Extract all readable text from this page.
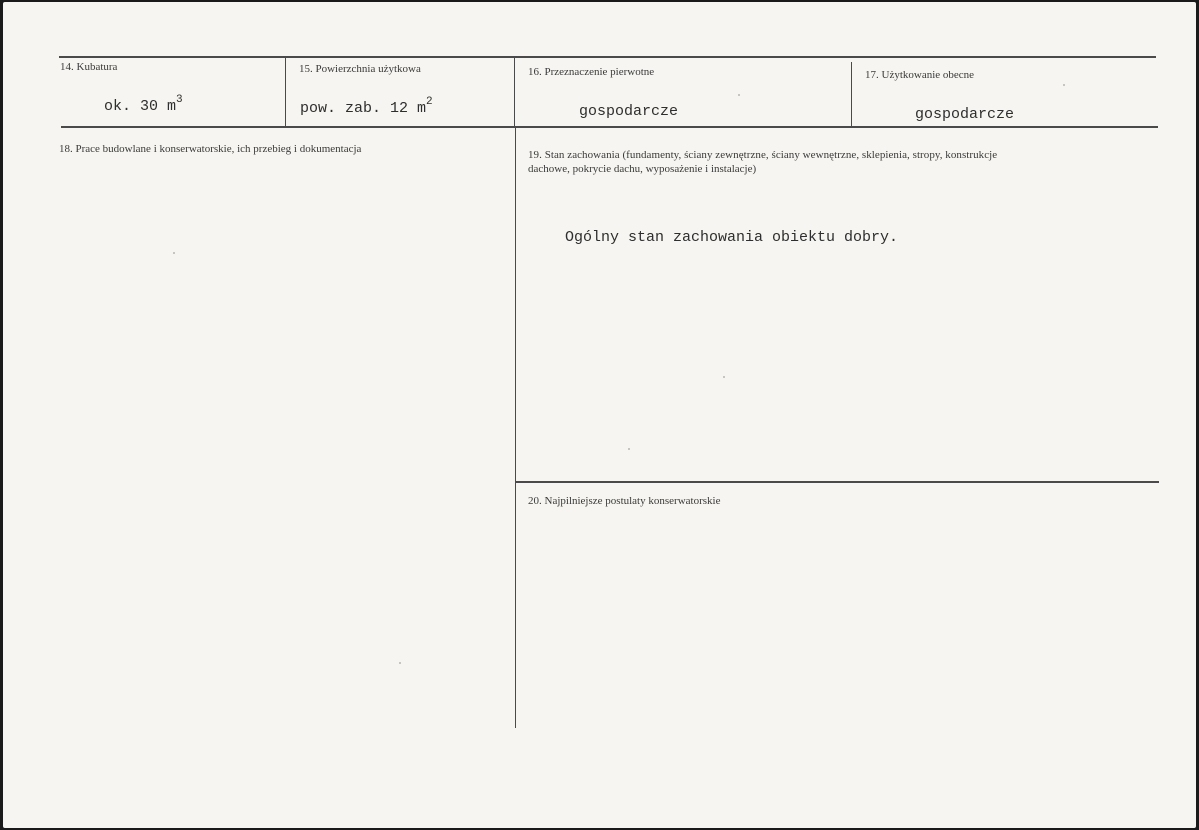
14. Kubatura
ok. 30 $m^3$
15. Powierzchnia użytkowa
pow. zab. 12 $m^2$
16. Przeznaczenie pierwotne
gospodarcze
17. Użytkowanie obecne
gospodarcze
18. Prace budowlane i konserwatorskie, ich przebieg i dokumentacja	19. Stan zachowania (fundamenty, ściany zewnętrzne, ściany wewnętrzne, sklepienia, stropy, konstrukcje
dachowe, pokrycie dachu, wyposażenie i instalacje)
Ogólny stan zachowania obiektu dobry.
20. Najpilniejsze postulaty konserwatorskie
